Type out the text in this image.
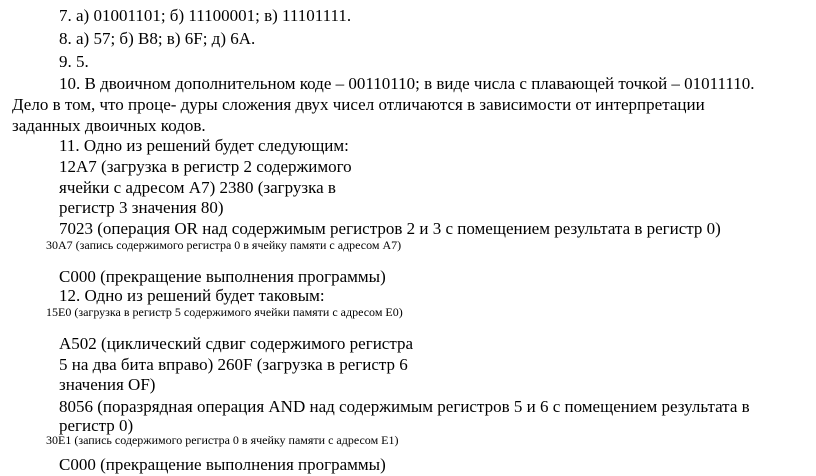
7. а) 01001101; б) 11100001; в) 11101111.
8. а) 57; б) B8; в) 6F; д) 6A.
9. 5.
10. В двоичном дополнительном коде – 00110110; в виде числа с плавающей точкой – 01011110.
Дело в том, что проце- дуры сложения двух чисел отличаются в зависимости от интерпретации
заданных двоичных кодов.
11. Одно из решений будет следующим:
12A7 (загрузка в регистр 2 содержимого
ячейки с адресом A7) 2380 (загрузка в
регистр 3 значения 80)
7023 (операция OR над содержимым регистров 2 и 3 с помещением результата в регистр 0)
30A7 (запись содержимого регистра 0 в ячейку памяти с адресом A7)
C000 (прекращение выполнения программы)
12. Одно из решений будет таковым:
15E0 (загрузка в регистр 5 содержимого ячейки памяти с адресом E0)
A502 (циклический сдвиг содержимого регистра
5 на два бита вправо) 260F (загрузка в регистр 6
значения OF)
8056 (поразрядная операция AND над содержимым регистров 5 и 6 с помещением результата в
регистр 0)
30E1 (запись содержимого регистра 0 в ячейку памяти с адресом E1)
C000 (прекращение выполнения программы)
